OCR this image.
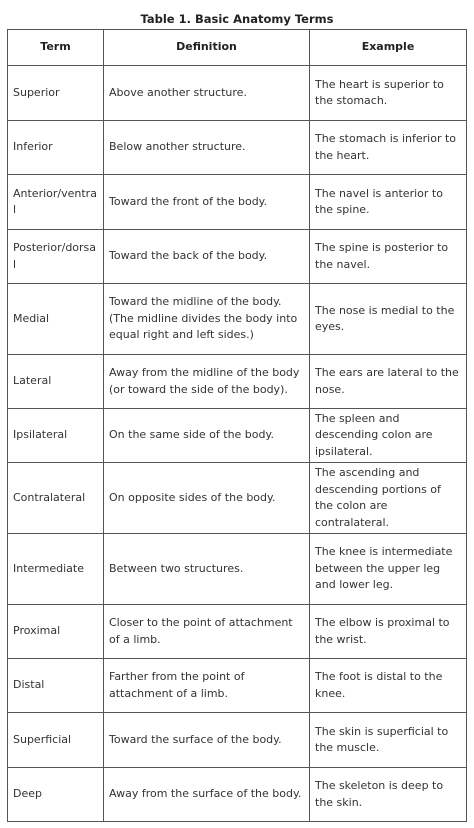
Table 1. Basic Anatomy Terms
Term	Definition	Example
Superior	Above another structure.	The heart is superior to the stomach.
Inferior	Below another structure.	The stomach is inferior to the heart.
Anterior/ventral	Toward the front of the body.	The navel is anterior to the spine.
Posterior/dorsal	Toward the back of the body.	The spine is posterior to the navel.
Medial	Toward the midline of the body. (The midline divides the body into equal right and left sides.)	The nose is medial to the eyes.
Lateral	Away from the midline of the body (or toward the side of the body).	The ears are lateral to the nose.
Ipsilateral	On the same side of the body.	The spleen and descending colon are ipsilateral.
Contralateral	On opposite sides of the body.	The ascending and descending portions of the colon are contralateral.
Intermediate	Between two structures.	The knee is intermediate between the upper leg and lower leg.
Proximal	Closer to the point of attachment of a limb.	The elbow is proximal to the wrist.
Distal	Farther from the point of attachment of a limb.	The foot is distal to the knee.
Superficial	Toward the surface of the body.	The skin is superficial to the muscle.
Deep	Away from the surface of the body.	The skeleton is deep to the skin.
